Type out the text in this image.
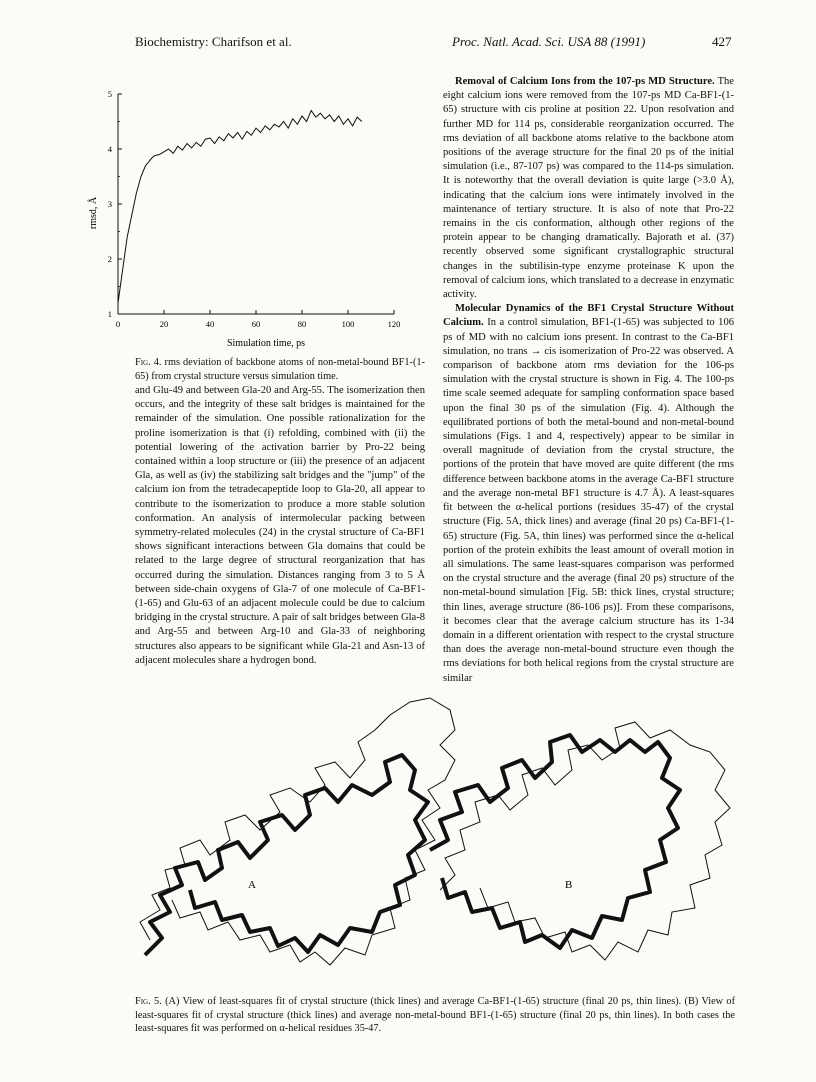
Biochemistry: Charifson et al.	Proc. Natl. Acad. Sci. USA 88 (1991)	427
0	20	40	60	80	100	120
1
2
3
4
5
Simulation time, ps
rmsd, Å
Fig. 4. rms deviation of backbone atoms of non-metal-bound BF1-(1-65) from crystal structure versus simulation time.

and Glu-49 and between Gla-20 and Arg-55. The isomerization then occurs, and the integrity of these salt bridges is maintained for the remainder of the simulation. One possible rationalization for the proline isomerization is that (i) refolding, combined with (ii) the potential lowering of the activation barrier by Pro-22 being contained within a loop structure or (iii) the presence of an adjacent Gla, as well as (iv) the stabilizing salt bridges and the "jump" of the calcium ion from the tetradecapeptide loop to Gla-20, all appear to contribute to the isomerization to produce a more stable solution conformation. An analysis of intermolecular packing between symmetry-related molecules (24) in the crystal structure of Ca-BF1 shows significant interactions between Gla domains that could be related to the large degree of structural reorganization that has occurred during the simulation. Distances ranging from 3 to 5 Å between side-chain oxygens of Gla-7 of one molecule of Ca-BF1-(1-65) and Glu-63 of an adjacent molecule could be due to calcium bridging in the crystal structure. A pair of salt bridges between Gla-8 and Arg-55 and between Arg-10 and Gla-33 of neighboring structures also appears to be significant while Gla-21 and Asn-13 of adjacent molecules share a hydrogen bond.

Removal of Calcium Ions from the 107-ps MD Structure. The eight calcium ions were removed from the 107-ps MD Ca-BF1-(1-65) structure with cis proline at position 22. Upon resolvation and further MD for 114 ps, considerable reorganization occurred. The rms deviation of all backbone atoms relative to the backbone atom positions of the average structure for the final 20 ps of the initial simulation (i.e., 87-107 ps) was compared to the 114-ps simulation. It is noteworthy that the overall deviation is quite large (>3.0 Å), indicating that the calcium ions were intimately involved in the maintenance of tertiary structure. It is also of note that Pro-22 remains in the cis conformation, although other regions of the protein appear to be changing dramatically. Bajorath et al. (37) recently observed some significant crystallographic structural changes in the subtilisin-type enzyme proteinase K upon the removal of calcium ions, which translated to a decrease in enzymatic activity.

Molecular Dynamics of the BF1 Crystal Structure Without Calcium. In a control simulation, BF1-(1-65) was subjected to 106 ps of MD with no calcium ions present. In contrast to the Ca-BF1 simulation, no trans → cis isomerization of Pro-22 was observed. A comparison of backbone atom rms deviation for the 106-ps simulation with the crystal structure is shown in Fig. 4. The 100-ps time scale seemed adequate for sampling conformation space based upon the final 30 ps of the simulation (Fig. 4). Although the equilibrated portions of both the metal-bound and non-metal-bound simulations (Figs. 1 and 4, respectively) appear to be similar in overall magnitude of deviation from the crystal structure, the portions of the protein that have moved are quite different (the rms difference between backbone atoms in the average Ca-BF1 structure and the average non-metal BF1 structure is 4.7 Å). A least-squares fit between the α-helical portions (residues 35-47) of the crystal structure (Fig. 5A, thick lines) and average (final 20 ps) Ca-BF1-(1-65) structure (Fig. 5A, thin lines) was performed since the α-helical portion of the protein exhibits the least amount of overall motion in all simulations. The same least-squares comparison was performed on the crystal structure and the average (final 20 ps) structure of the non-metal-bound simulation [Fig. 5B: thick lines, crystal structure; thin lines, average structure (86-106 ps)]. From these comparisons, it becomes clear that the average calcium structure has its 1-34 domain in a different orientation with respect to the crystal structure than does the average non-metal-bound structure even though the rms deviations for both helical regions from the crystal structure are similar

A	B
Fig. 5. (A) View of least-squares fit of crystal structure (thick lines) and average Ca-BF1-(1-65) structure (final 20 ps, thin lines). (B) View of least-squares fit of crystal structure (thick lines) and average non-metal-bound BF1-(1-65) structure (final 20 ps, thin lines). In both cases the least-squares fit was performed on α-helical residues 35-47.
